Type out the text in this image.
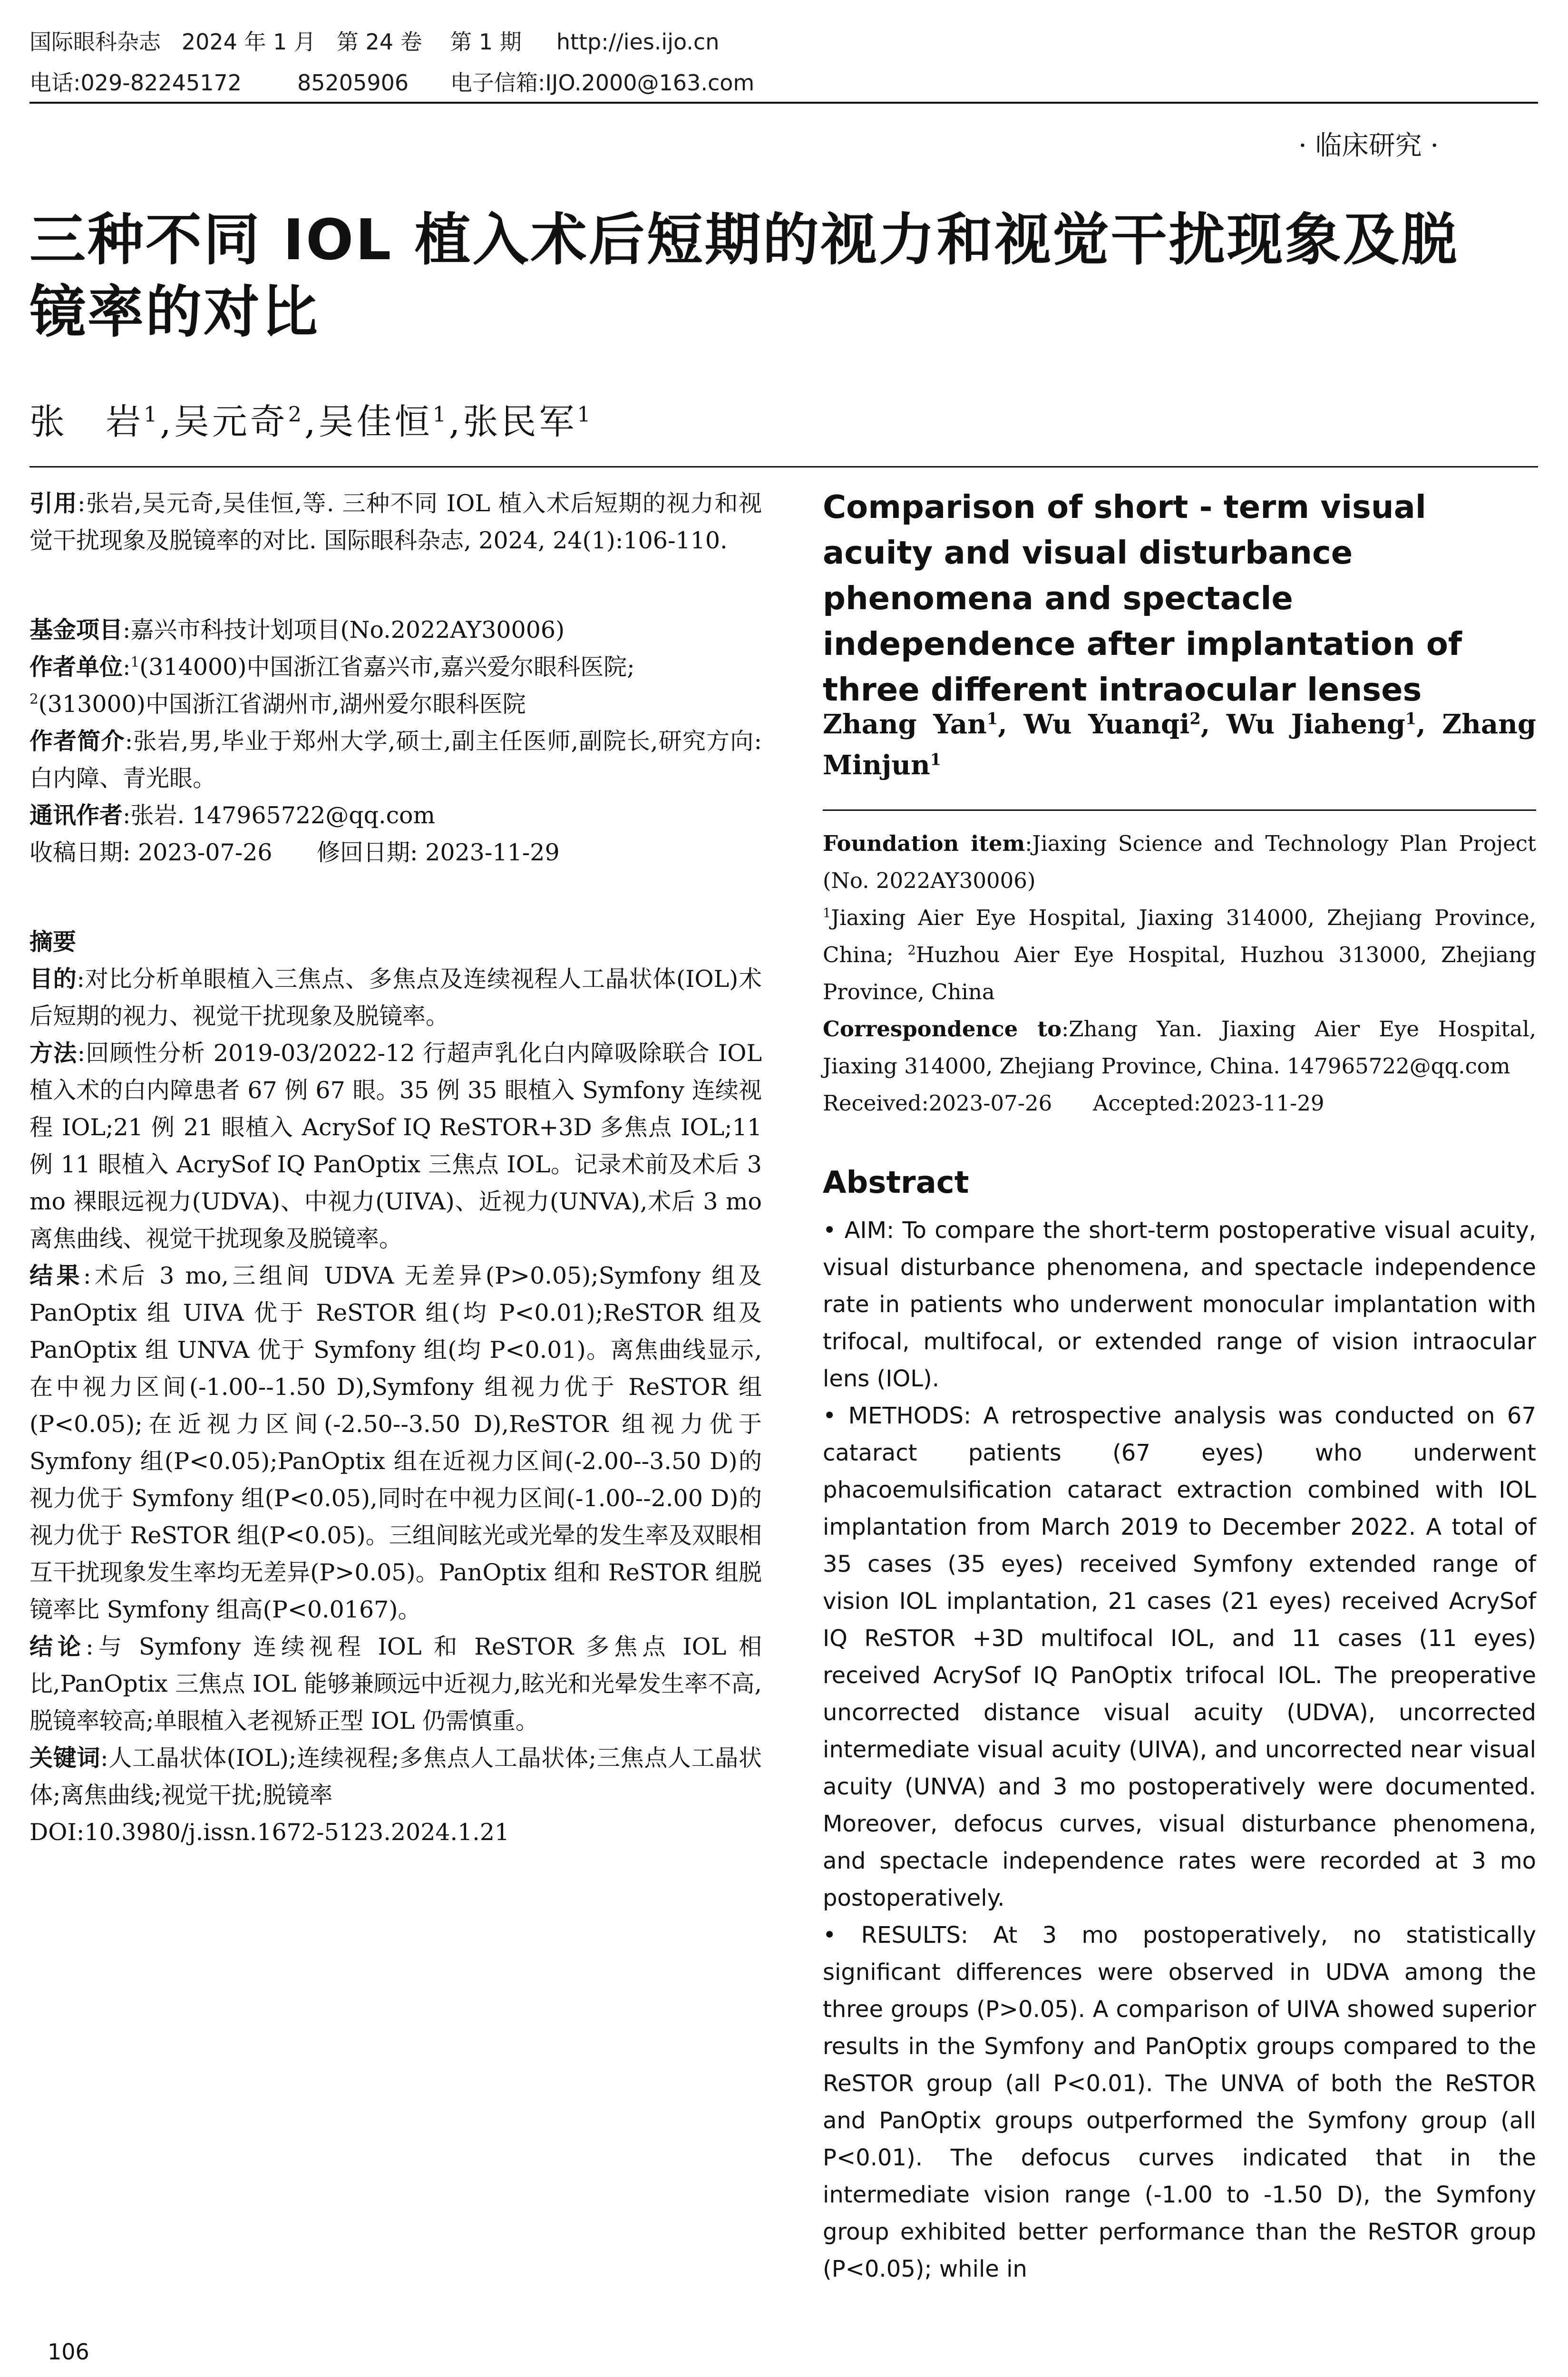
国际眼科杂志   2024 年 1 月   第 24 卷    第 1 期     http://ies.ijo.cn
电话:029-82245172        85205906      电子信箱:IJO.2000@163.com
· 临床研究 ·
三种不同 IOL 植入术后短期的视力和视觉干扰现象及脱
镜率的对比
张　岩$^1$,吴元奇$^2$,吴佳恒$^1$,张民军$^1$

引用:张岩,吴元奇,吴佳恒,等. 三种不同 IOL 植入术后短期的视力和视觉干扰现象及脱镜率的对比. 国际眼科杂志, 2024, 24(1):106-110.

基金项目:嘉兴市科技计划项目(No.2022AY30006)

作者单位:$^1$(314000)中国浙江省嘉兴市,嘉兴爱尔眼科医院;
$^2$(313000)中国浙江省湖州市,湖州爱尔眼科医院

作者简介:张岩,男,毕业于郑州大学,硕士,副主任医师,副院长,研究方向:白内障、青光眼。

通讯作者:张岩. 147965722@qq.com

收稿日期: 2023-07-26      修回日期: 2023-11-29

摘要

目的:对比分析单眼植入三焦点、多焦点及连续视程人工晶状体(IOL)术后短期的视力、视觉干扰现象及脱镜率。

方法:回顾性分析 2019-03/2022-12 行超声乳化白内障吸除联合 IOL 植入术的白内障患者 67 例 67 眼。35 例 35 眼植入 Symfony 连续视程 IOL;21 例 21 眼植入 AcrySof IQ ReSTOR+3D 多焦点 IOL;11 例 11 眼植入 AcrySof IQ PanOptix 三焦点 IOL。记录术前及术后 3 mo 裸眼远视力(UDVA)、中视力(UIVA)、近视力(UNVA),术后 3 mo 离焦曲线、视觉干扰现象及脱镜率。

结果:术后 3 mo,三组间 UDVA 无差异(P>0.05);Symfony 组及 PanOptix 组 UIVA 优于 ReSTOR 组(均 P<0.01);ReSTOR 组及 PanOptix 组 UNVA 优于 Symfony 组(均 P<0.01)。离焦曲线显示,在中视力区间(-1.00--1.50 D),Symfony 组视力优于 ReSTOR 组(P<0.05);在近视力区间(-2.50--3.50 D),ReSTOR 组视力优于 Symfony 组(P<0.05);PanOptix 组在近视力区间(-2.00--3.50 D)的视力优于 Symfony 组(P<0.05),同时在中视力区间(-1.00--2.00 D)的视力优于 ReSTOR 组(P<0.05)。三组间眩光或光晕的发生率及双眼相互干扰现象发生率均无差异(P>0.05)。PanOptix 组和 ReSTOR 组脱镜率比 Symfony 组高(P<0.0167)。

结论:与 Symfony 连续视程 IOL 和 ReSTOR 多焦点 IOL 相比,PanOptix 三焦点 IOL 能够兼顾远中近视力,眩光和光晕发生率不高,脱镜率较高;单眼植入老视矫正型 IOL 仍需慎重。

关键词:人工晶状体(IOL);连续视程;多焦点人工晶状体;三焦点人工晶状体;离焦曲线;视觉干扰;脱镜率

DOI:10.3980/j.issn.1672-5123.2024.1.21

Comparison of short - term visual acuity and visual disturbance phenomena and spectacle independence after implantation of three different intraocular lenses
Zhang Yan$^1$, Wu Yuanqi$^2$, Wu Jiaheng$^1$, Zhang Minjun$^1$
Foundation item:Jiaxing Science and Technology Plan Project (No. 2022AY30006)
$^1$Jiaxing Aier Eye Hospital, Jiaxing 314000, Zhejiang Province, China; $^2$Huzhou Aier Eye Hospital, Huzhou 313000, Zhejiang Province, China
Correspondence to:Zhang Yan. Jiaxing Aier Eye Hospital, Jiaxing 314000, Zhejiang Province, China. 147965722@qq.com
Received:2023-07-26      Accepted:2023-11-29
Abstract

• AIM: To compare the short-term postoperative visual acuity, visual disturbance phenomena, and spectacle independence rate in patients who underwent monocular implantation with trifocal, multifocal, or extended range of vision intraocular lens (IOL).

• METHODS: A retrospective analysis was conducted on 67 cataract patients (67 eyes) who underwent phacoemulsification cataract extraction combined with IOL implantation from March 2019 to December 2022. A total of 35 cases (35 eyes) received Symfony extended range of vision IOL implantation, 21 cases (21 eyes) received AcrySof IQ ReSTOR +3D multifocal IOL, and 11 cases (11 eyes) received AcrySof IQ PanOptix trifocal IOL. The preoperative uncorrected distance visual acuity (UDVA), uncorrected intermediate visual acuity (UIVA), and uncorrected near visual acuity (UNVA) and 3 mo postoperatively were documented. Moreover, defocus curves, visual disturbance phenomena, and spectacle independence rates were recorded at 3 mo postoperatively.

• RESULTS: At 3 mo postoperatively, no statistically significant differences were observed in UDVA among the three groups (P>0.05). A comparison of UIVA showed superior results in the Symfony and PanOptix groups compared to the ReSTOR group (all P<0.01). The UNVA of both the ReSTOR and PanOptix groups outperformed the Symfony group (all P<0.01). The defocus curves indicated that in the intermediate vision range (-1.00 to -1.50 D), the Symfony group exhibited better performance than the ReSTOR group (P<0.05); while in

106
